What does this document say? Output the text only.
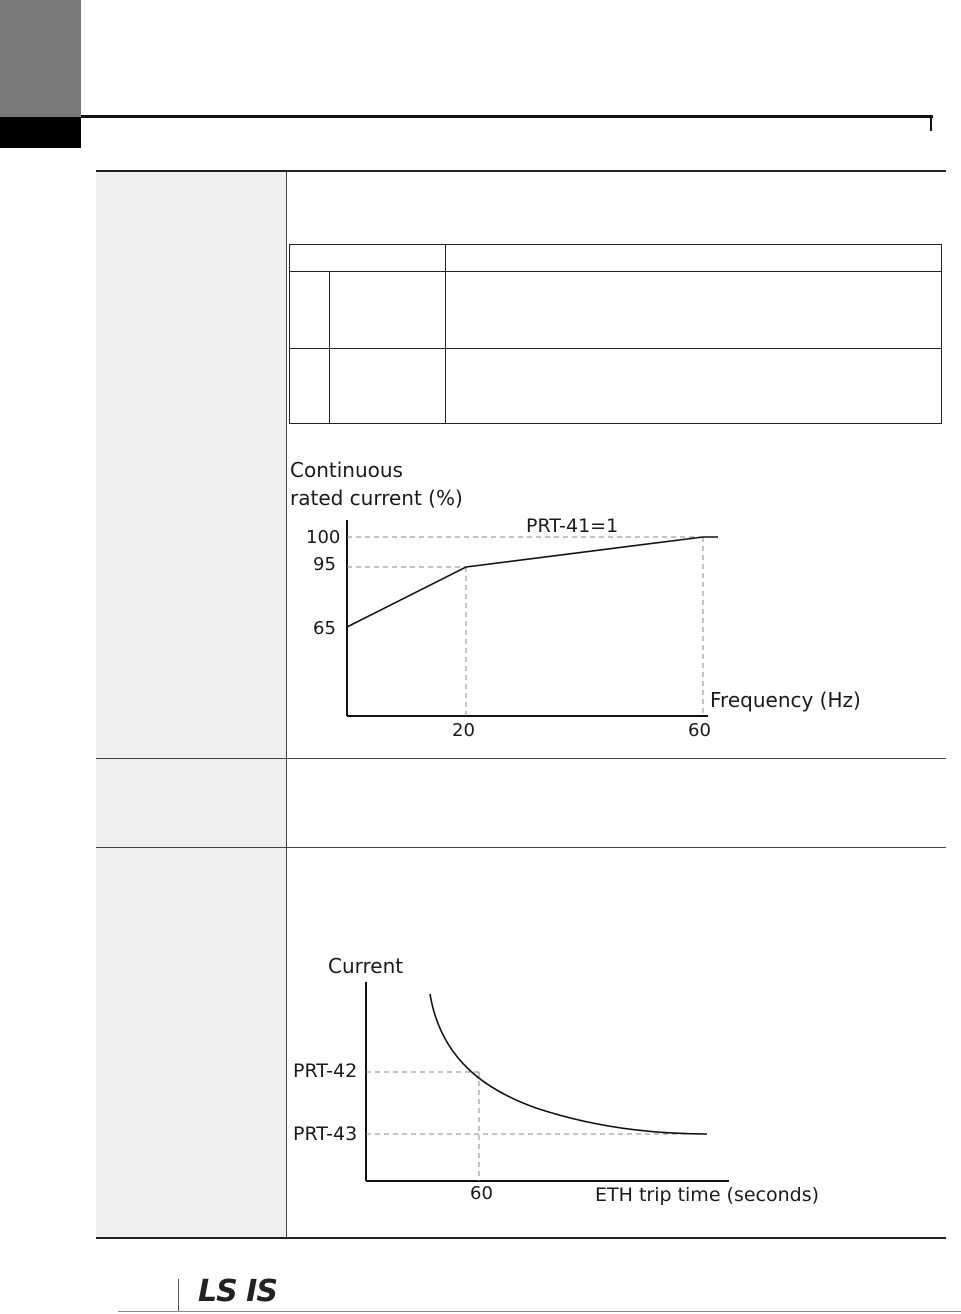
Continuous
rated current (%)
PRT-41=1
Frequency (Hz)
100
95
65
20	60
Current
PRT-42
PRT-43
60	ETH trip time (seconds)
LS IS
